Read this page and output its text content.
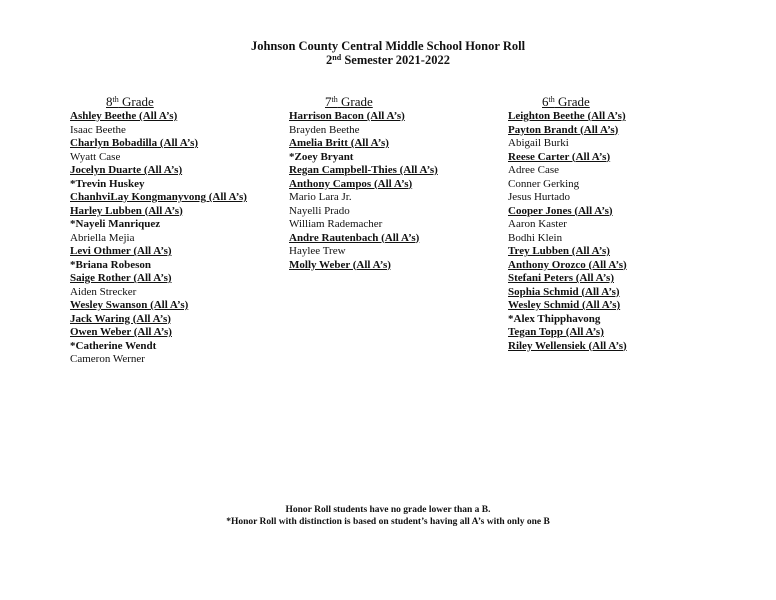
Johnson County Central Middle School Honor Roll
2nd Semester 2021-2022
8th Grade
Ashley Beethe (All A’s)
Isaac Beethe
Charlyn Bobadilla (All A’s)
Wyatt Case
Jocelyn Duarte (All A’s)
*Trevin Huskey
ChanhviLay Kongmanyvong (All A’s)
Harley Lubben (All A’s)
*Nayeli Manriquez
Abriella Mejia
Levi Othmer (All A’s)
*Briana Robeson
Saige Rother (All A’s)
Aiden Strecker
Wesley Swanson (All A’s)
Jack Waring (All A’s)
Owen Weber (All A’s)
*Catherine Wendt
Cameron Werner
7th Grade
Harrison Bacon (All A’s)
Brayden Beethe
Amelia Britt (All A’s)
*Zoey Bryant
Regan Campbell-Thies (All A’s)
Anthony Campos (All A’s)
Mario Lara Jr.
Nayelli Prado
William Rademacher
Andre Rautenbach (All A’s)
Haylee Trew
Molly Weber (All A’s)
6th Grade
Leighton Beethe (All A’s)
Payton Brandt (All A’s)
Abigail Burki
Reese Carter (All A’s)
Adree Case
Conner Gerking
Jesus Hurtado
Cooper Jones (All A’s)
Aaron Kaster
Bodhi Klein
Trey Lubben (All A’s)
Anthony Orozco (All A’s)
Stefani Peters (All A’s)
Sophia Schmid (All A’s)
Wesley Schmid (All A’s)
*Alex Thipphavong
Tegan Topp (All A’s)
Riley Wellensiek (All A’s)
Honor Roll students have no grade lower than a B.
*Honor Roll with distinction is based on student’s having all A’s with only one B
